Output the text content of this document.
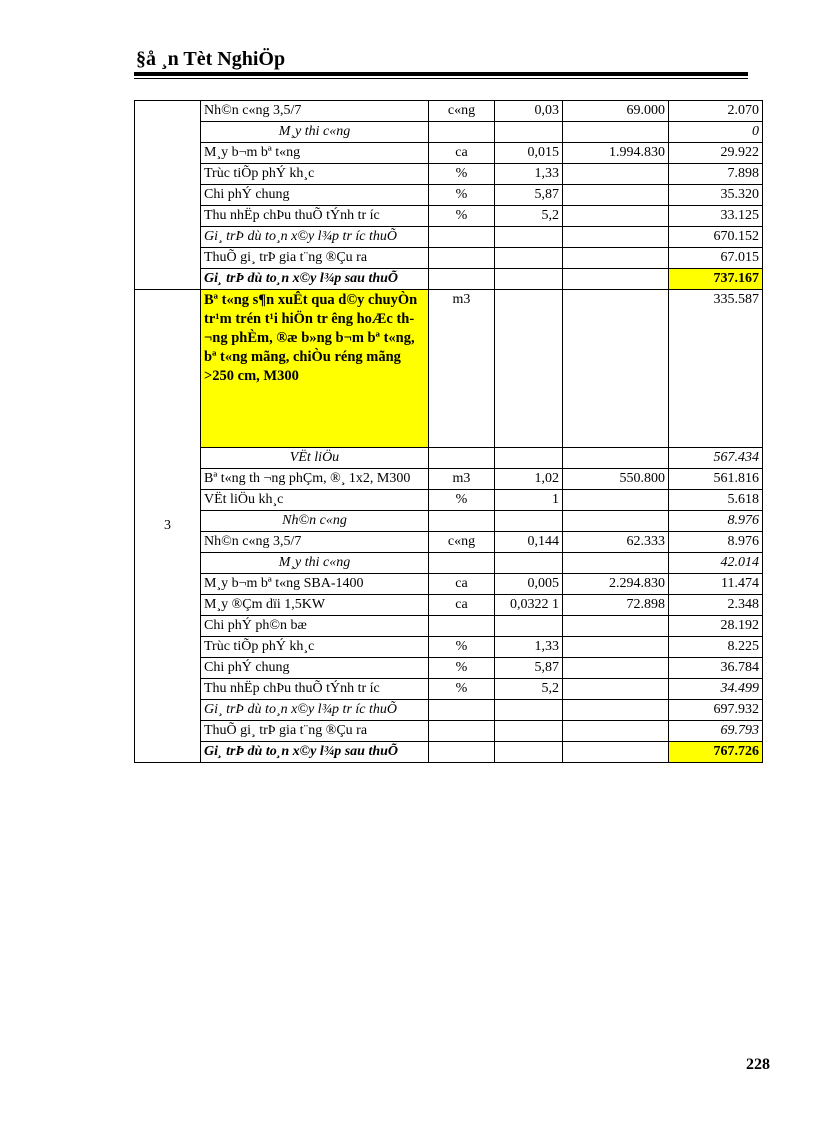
§å ¸n Tèt NghiÖp
	Nh©n c«ng 3,5/7	c«ng	0,03	69.000	2.070
	M¸y thi c«ng				0
	M¸y b¬m bª t«ng	ca	0,015	1.994.830	29.922
	Trùc tiÕp phÝ kh¸c	%	1,33		7.898
	Chi phÝ chung	%	5,87		35.320
	Thu nhËp chÞu thuÕ tÝnh tr íc	%	5,2		33.125
	Gi¸ trÞ dù to¸n x©y l¾p tr íc thuÕ				670.152
	ThuÕ gi¸ trÞ gia t¨ng ®Çu ra				67.015
	Gi¸ trÞ dù to¸n x©y l¾p sau thuÕ				737.167
3	Bª t«ng s¶n xuÊt qua d©y chuyÒn tr¹m trén t¹i hiÖn tr êng hoÆc th ¬ng phÈm, ®æ b»ng b¬m bª t«ng, bª t«ng mãng, chiÒu réng mãng >250 cm, M300	m3			335.587
	VËt liÖu				567.434
	Bª t«ng th ¬ng phÇm, ®¸ 1x2, M300	m3	1,02	550.800	561.816
	VËt liÖu kh¸c	%	1		5.618
	Nh©n c«ng				8.976
	Nh©n c«ng 3,5/7	c«ng	0,144	62.333	8.976
	M¸y thi c«ng				42.014
	M¸y b¬m bª t«ng SBA-1400	ca	0,005	2.294.830	11.474
	M¸y ®Çm dïi 1,5KW	ca	0,0322 1	72.898	2.348
	Chi phÝ ph©n bæ				28.192
	Trùc tiÕp phÝ kh¸c	%	1,33		8.225
	Chi phÝ chung	%	5,87		36.784
	Thu nhËp chÞu thuÕ tÝnh tr íc	%	5,2		34.499
	Gi¸ trÞ dù to¸n x©y l¾p tr íc thuÕ				697.932
	ThuÕ gi¸ trÞ gia t¨ng ®Çu ra				69.793
	Gi¸ trÞ dù to¸n x©y l¾p sau thuÕ				767.726
228
